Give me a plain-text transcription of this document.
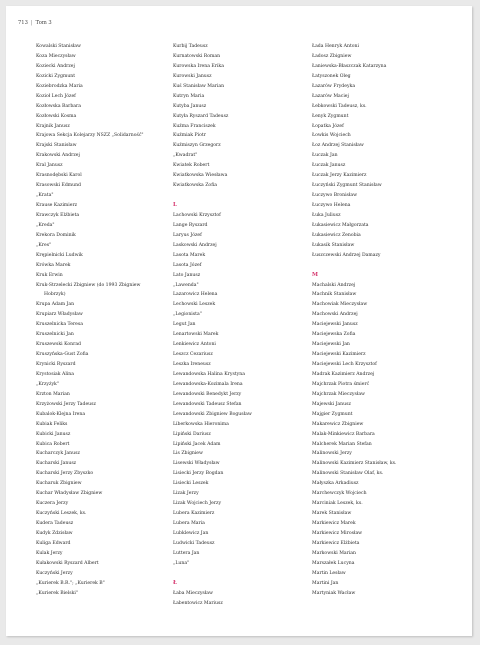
713 | Tom 3
Kowalski Stanisław
Koza Mieczysław
Koziecki Andrzej
Kozicki Zygmunt
Koziebrodzka Maria
Kozioł Lech Józef
Kozłowska Barbara
Kozłowski Kosma
Krajnik Janusz
Krajowa Sekcja Kolejarzy NSZZ „Solidarność"
Krajski Stanisław
Krakowski Andrzej
Kral Janusz
Krasnodębski Karol
Krasowski Edmund
„Krata"
Krause Kazimierz
Krawczyk Elżbieta
„Kreda"
Krekora Dominik
„Kres"
Krępielnicki Ludwik
Krówka Marek
Kruk Erwin
Kruk-Strzelecki Zbigniew (do 1993 Zbigniew
Hobrzyk)
Krupa Adam Jan
Krupiarz Władysław
Kruszelnicka Teresa
Kruszelnicki Jan
Kruszewski Konrad
Kruszyńska-Gust Zofia
Krynicki Ryszard
Krystosiak Alina
„Krzyżyk"
Krzton Marian
Krzyżowski Jerzy Tadeusz
Kubalok-Klejna Irena
Kubiak Feliks
Kubicki Janusz
Kubica Robert
Kucharczyk Janusz
Kucharski Janusz
Kucharski Jerzy Zbyszko
Kucharuk Zbigniew
Kuchar Władysław Zbigniew
Kuczera Jerzy
Kuczyński Leszek, ks.
Kudera Tadeusz
Kudyk Zdzisław
Kuliga Edward
Kulak Jerzy
Kułakowski Ryszard Albert
Kuczyński Jerzy
„Kurierek B.R."; „Kurierek B"
„Kurierek Bielski"
Kurbij Tadeusz
Kurnatowski Roman
Kurowska Irena Erika
Kurowski Janusz
Kuś Stanisław Marian
Kutryn Maria
Kutyba Janusz
Kutyła Ryszard Tadeusz
Kuźma Franciszek
Kuźmiak Piotr
Kuźmiszyn Grzegorz
„Kwadrat"
Kwiatek Robert
Kwiatkowska Wiesława
Kwiatkowska Zofia
L
Lachowski Krzysztof
Lange Ryszard
Laryus Józef
Laskowski Andrzej
Lasota Marek
Lasota Józef
Lato Janusz
„Lawenda"
Lazarowicz Helena
Lechowski Leszek
„Legionista"
Legut Jan
Lenartowski Marek
Lenkiewicz Antoni
Leszcz Cezariusz
Leszka Ireneusz
Lewandowska Halina Krystyna
Lewandowska-Kozimala Irena
Lewandowski Benedykt Jerzy
Lewandowski Tadeusz Stefan
Lewandowski Zbigniew Bogusław
Liberkowska Hieronima
Lipiński Dariusz
Lipiński Jacek Adam
Lis Zbigniew
Lisewski Władysław
Lisiecki Jerzy Bogdan
Lisiecki Leszek
Lizak Jerzy
Lizak Wojciech Jerzy
Lubera Kazimierz
Lubera Maria
Lubklewicz Jan
Ludwicki Tadeusz
Luttera Jan
„Luna"
Ł
Łaba Mieczysław
Łabentowicz Mariusz
Łada Henryk Antoni
Ładosz Zbigniew
Łaniewska-Błaszczak Katarzyna
Łatyszonek Oleg
Łazarów Frydeyka
Łazarów Maciej
Łebkowski Tadeusz, ks.
Łenyk Zygmunt
Łopatka Józef
Łowkis Wojciech
Łoz Andrzej Stanisław
Łuczak Jan
Łuczak Janusz
Łuczak Jerzy Kazimierz
Łuczyński Zygmunt Stanisław
Łuczywo Bronisław
Łuczywo Helena
Łuka Juliusz
Łukasiewicz Małgorzata
Łukasiewicz Zenobia
Łukasik Stanisław
Łuszczewski Andrzej Damazy
M
Machalski Andrzej
Machnik Stanisław
Machowiak Mieczysław
Machowski Andrzej
Maciejewski Janusz
Maciejewska Zofia
Maciejewski Jan
Maciejewski Kazimierz
Maciejewski Lech Krzysztof
Madrak Kazimierz Andrzej
Majchrzak Piotra śmierć
Majchrzak Mieczysław
Majewski Janusz
Majgier Zygmunt
Makarewicz Zbigniew
Malak-Minkiewicz Barbara
Malcherek Marian Stefan
Malinowski Jerzy
Malinowski Kazimierz Stanisław, ks.
Malinowski Stanisław Olaf, ks.
Małyszka Arkadiusz
Marchewczyk Wojciech
Marciniak Leszek, ks.
Marek Stanisław
Markiewicz Marek
Markiewicz Mirosław
Markiewicz Elżbieta
Markowski Marian
Marszałek Lucyna
Martin Lesław
Martini Jan
Martyniak Wacław
